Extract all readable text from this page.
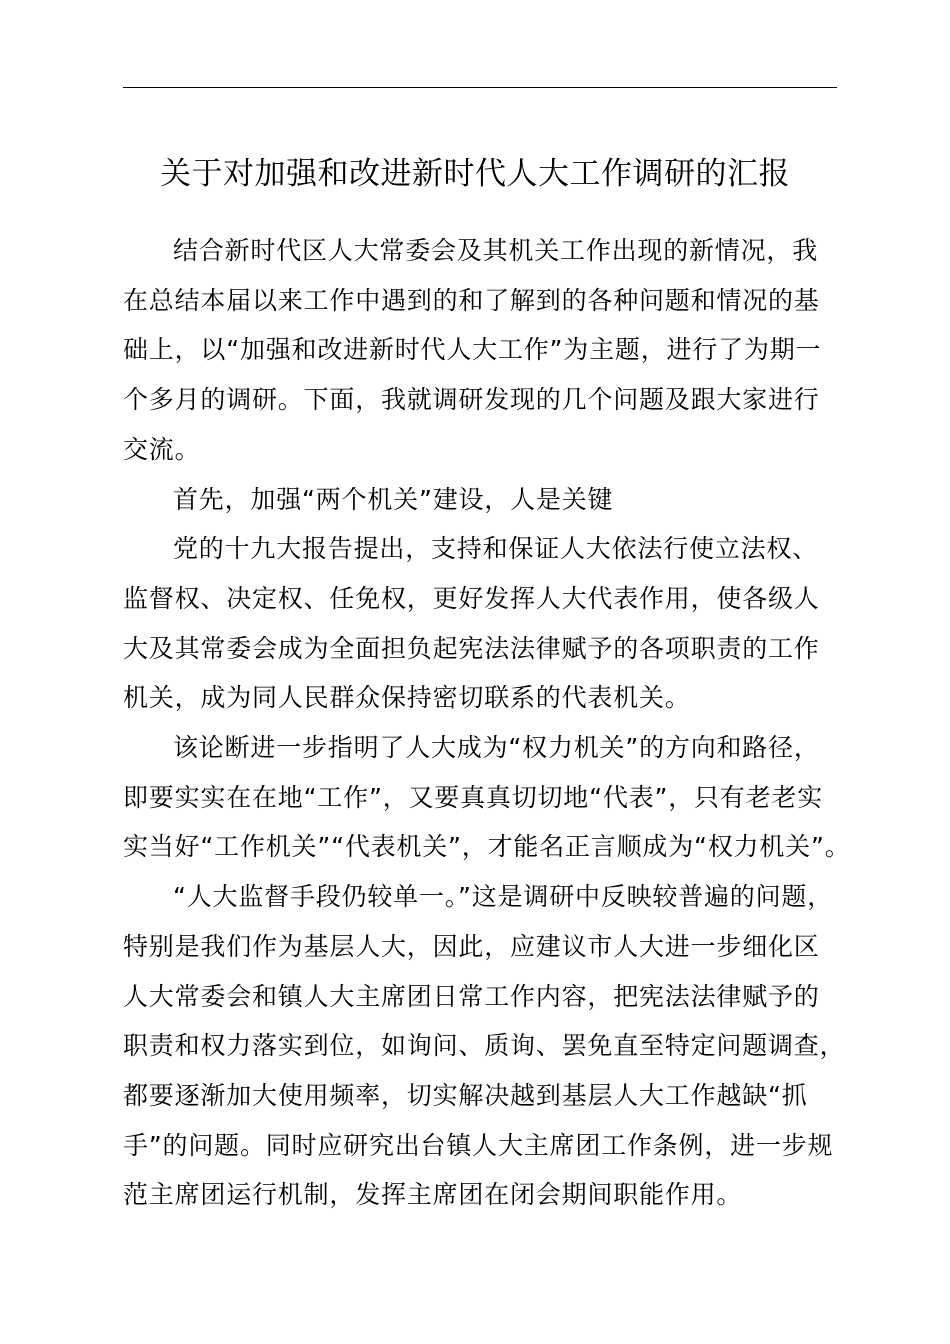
关于对加强和改进新时代人大工作调研的汇报

结合新时代区人大常委会及其机关工作出现的新情况，我
在总结本届以来工作中遇到的和了解到的各种问题和情况的基
础上，以“加强和改进新时代人大工作”为主题，进行了为期一
个多月的调研。下面，我就调研发现的几个问题及跟大家进行
交流。

首先，加强“两个机关”建设，人是关键

党的十九大报告提出，支持和保证人大依法行使立法权、
监督权、决定权、任免权，更好发挥人大代表作用，使各级人
大及其常委会成为全面担负起宪法法律赋予的各项职责的工作
机关，成为同人民群众保持密切联系的代表机关。

该论断进一步指明了人大成为“权力机关”的方向和路径，
即要实实在在地“工作”，又要真真切切地“代表”，只有老老实
实当好“工作机关”“代表机关”，才能名正言顺成为“权力机关”。

“人大监督手段仍较单一。”这是调研中反映较普遍的问题，
特别是我们作为基层人大，因此，应建议市人大进一步细化区
人大常委会和镇人大主席团日常工作内容，把宪法法律赋予的
职责和权力落实到位，如询问、质询、罢免直至特定问题调查，
都要逐渐加大使用频率，切实解决越到基层人大工作越缺“抓
手”的问题。同时应研究出台镇人大主席团工作条例，进一步规
范主席团运行机制，发挥主席团在闭会期间职能作用。
